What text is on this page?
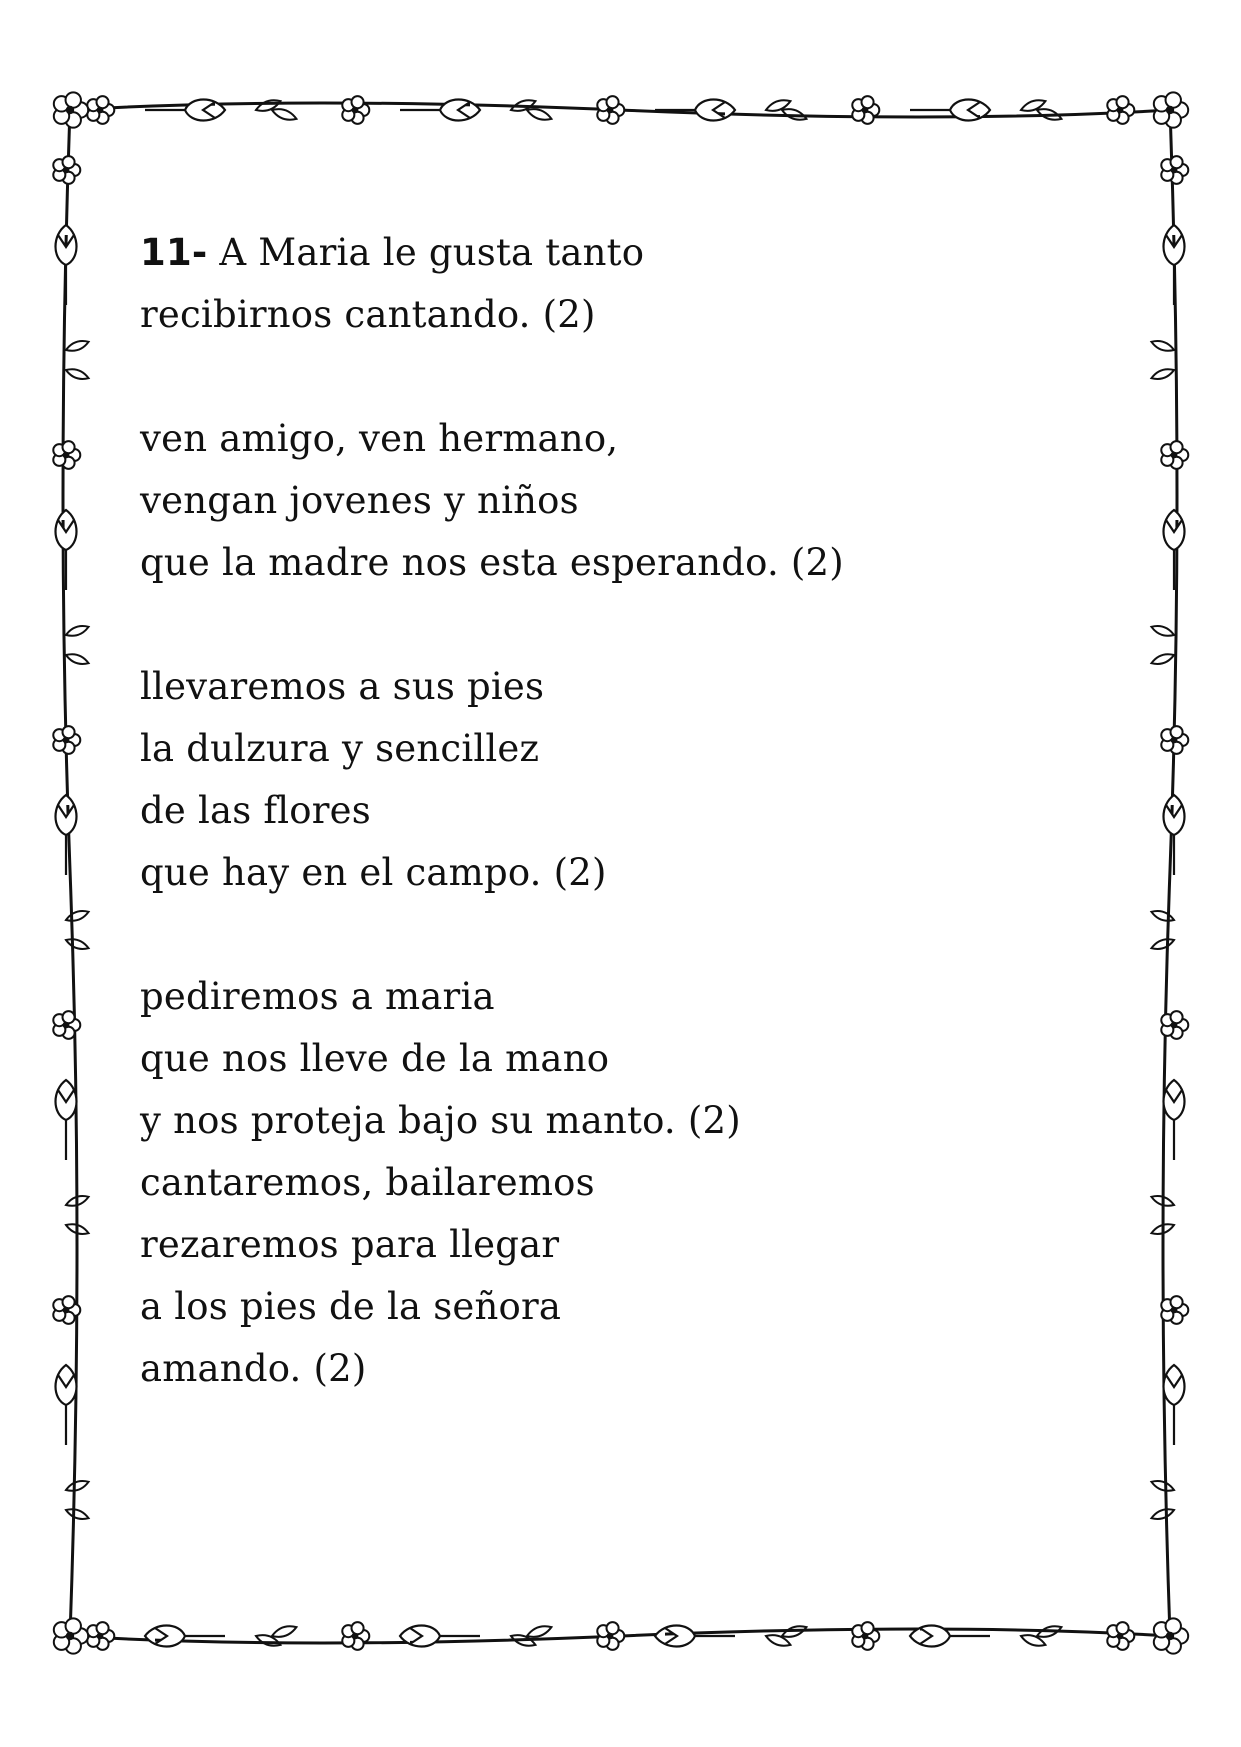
11- A Maria le gusta tanto
recibirnos cantando. (2)
ven amigo, ven hermano,
vengan jovenes y niños
que la madre nos esta esperando. (2)
llevaremos a sus pies
la dulzura y sencillez
de las flores
que hay en el campo. (2)
pediremos a maria
que nos lleve de la mano
y nos proteja bajo su manto. (2)
cantaremos, bailaremos
rezaremos para llegar
a los pies de la señora
amando. (2)
